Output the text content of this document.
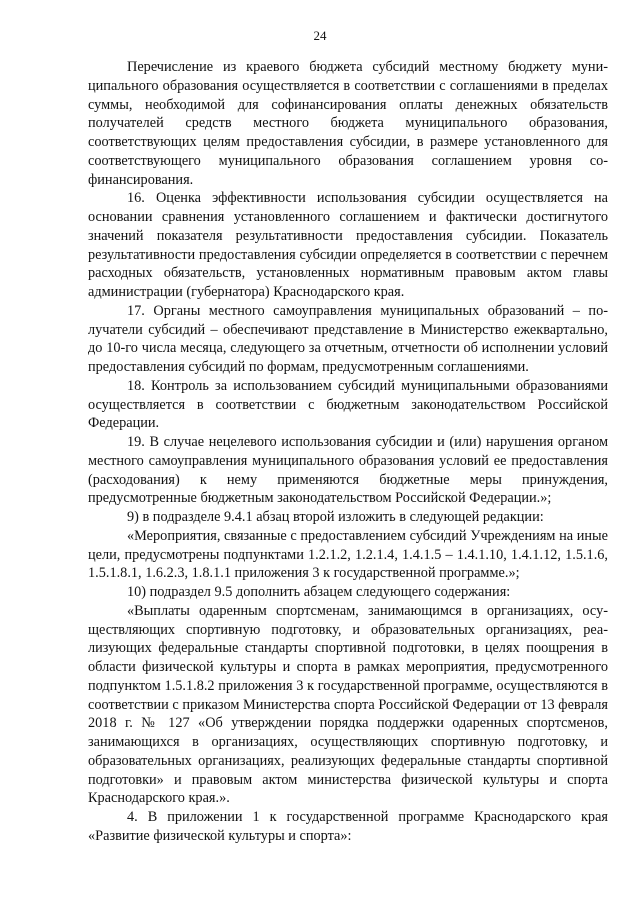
24

Перечисление из краевого бюджета субсидий местному бюджету муниципального образования осуществляется в соответствии с соглашениями в пределах суммы, необходимой для софинансирования оплаты денежных обязательств получателей средств местного бюджета муниципального образования, соответствующих целям предоставления субсидии, в размере установленного для соответствующего муниципального образования соглашением уровня софинансирования.

16. Оценка эффективности использования субсидии осуществляется на основании сравнения установленного соглашением и фактически достигнутого значений показателя результативности предоставления субсидии. Показатель результативности предоставления субсидии определяется в соответствии с перечнем расходных обязательств, установленных нормативным правовым актом главы администрации (губернатора) Краснодарского края.

17. Органы местного самоуправления муниципальных образований – получатели субсидий – обеспечивают представление в Министерство ежеквартально, до 10-го числа месяца, следующего за отчетным, отчетности об исполнении условий предоставления субсидий по формам, предусмотренным соглашениями.

18. Контроль за использованием субсидий муниципальными образованиями осуществляется в соответствии с бюджетным законодательством Российской Федерации.

19. В случае нецелевого использования субсидии и (или) нарушения органом местного самоуправления муниципального образования условий ее предоставления (расходования) к нему применяются бюджетные меры принуждения, предусмотренные бюджетным законодательством Российской Федерации.»;

9) в подразделе 9.4.1 абзац второй изложить в следующей редакции:

«Мероприятия, связанные с предоставлением субсидий Учреждениям на иные цели, предусмотрены подпунктами 1.2.1.2, 1.2.1.4, 1.4.1.5 – 1.4.1.10, 1.4.1.12, 1.5.1.6, 1.5.1.8.1, 1.6.2.3, 1.8.1.1 приложения 3 к государственной программе.»;

10) подраздел 9.5 дополнить абзацем следующего содержания:

«Выплаты одаренным спортсменам, занимающимся в организациях, осуществляющих спортивную подготовку, и образовательных организациях, реализующих федеральные стандарты спортивной подготовки, в целях поощрения в области физической культуры и спорта в рамках мероприятия, предусмотренного подпунктом 1.5.1.8.2 приложения 3 к государственной программе, осуществляются в соответствии с приказом Министерства спорта Российской Федерации от 13 февраля 2018 г. № 127 «Об утверждении порядка поддержки одаренных спортсменов, занимающихся в организациях, осуществляющих спортивную подготовку, и образовательных организациях, реализующих федеральные стандарты спортивной подготовки» и правовым актом министерства физической культуры и спорта Краснодарского края.».

4. В приложении 1 к государственной программе Краснодарского края «Развитие физической культуры и спорта»:
